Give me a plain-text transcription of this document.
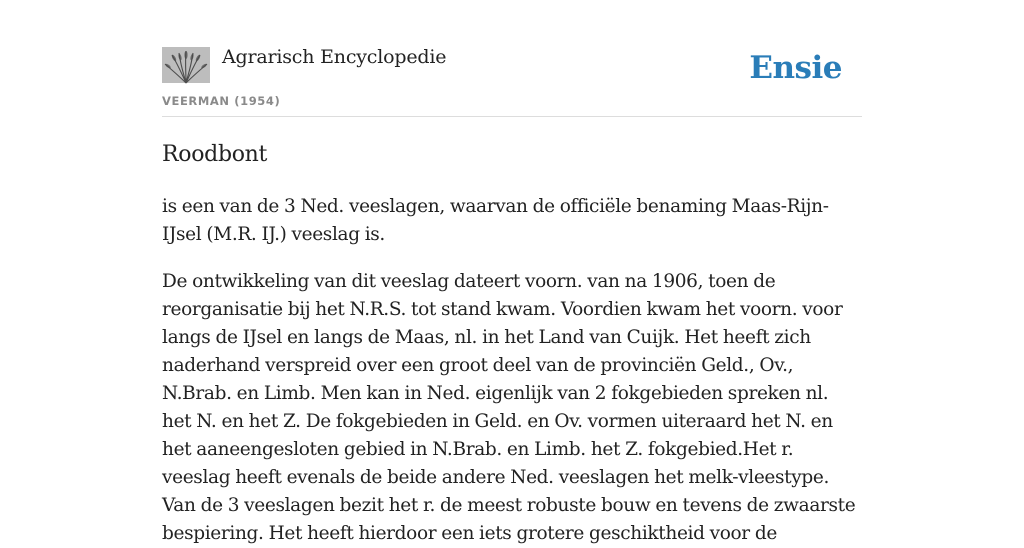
Agrarisch Encyclopedie
VEERMAN (1954)
Ensie
Roodbont

is een van de 3 Ned. veeslagen, waarvan de officiële benaming Maas-Rijn-IJsel (M.R. IJ.) veeslag is.

De ontwikkeling van dit veeslag dateert voorn. van na 1906, toen de reorganisatie bij het N.R.S. tot stand kwam. Voordien kwam het voorn. voor langs de IJsel en langs de Maas, nl. in het Land van Cuijk. Het heeft zich naderhand verspreid over een groot deel van de provinciën Geld., Ov., N.Brab. en Limb. Men kan in Ned. eigenlijk van 2 fokgebieden spreken nl. het N. en het Z. De fokgebieden in Geld. en Ov. vormen uiteraard het N. en het aaneengesloten gebied in N.Brab. en Limb. het Z. fokgebied.Het r. veeslag heeft evenals de beide andere Ned. veeslagen het melk-vleestype. Van de 3 veeslagen bezit het r. de meest robuste bouw en tevens de zwaarste bespiering. Het heeft hierdoor een iets grotere geschiktheid voor de
